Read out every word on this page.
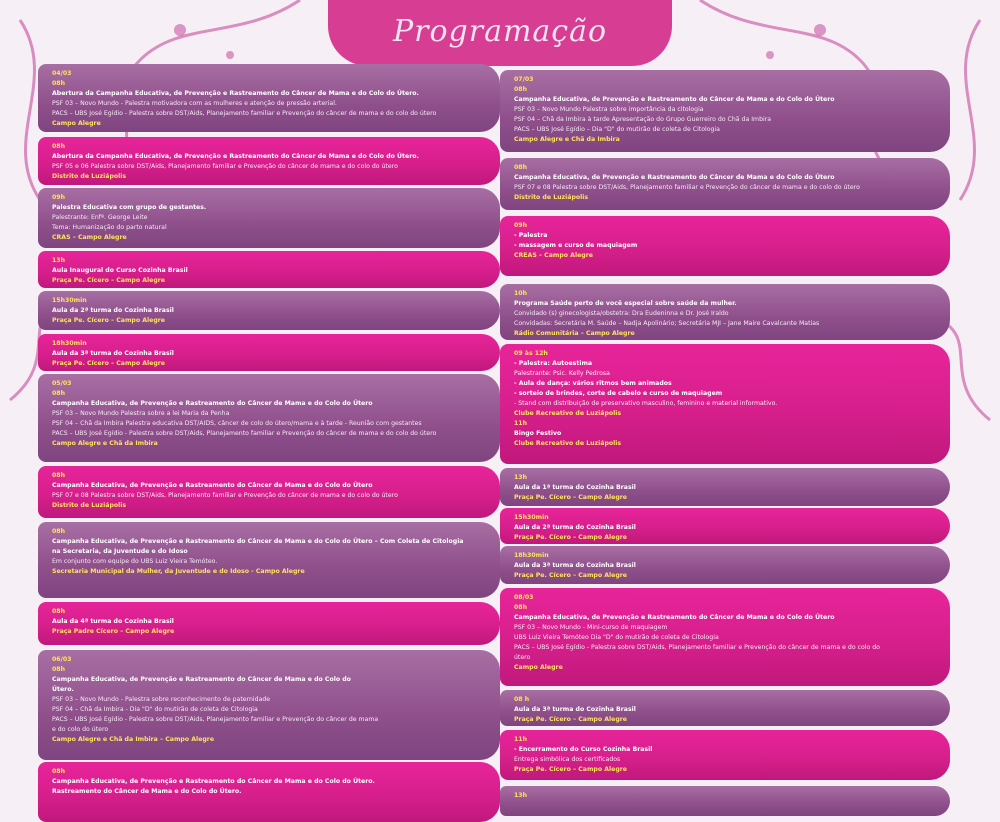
Programação
04/03
08h
Abertura da Campanha Educativa, de Prevenção e Rastreamento do Câncer de Mama e do Colo do Útero.
PSF 03 – Novo Mundo - Palestra motivadora com as mulheres e atenção de pressão arterial.
PACS – UBS José Egídio - Palestra sobre DST/Aids, Planejamento familiar e Prevenção do câncer de mama e do colo do útero
Campo Alegre
08h
Abertura da Campanha Educativa, de Prevenção e Rastreamento do Câncer de Mama e do Colo do Útero.
PSF 05 e 06 Palestra sobre DST/Aids, Planejamento familiar e Prevenção do câncer de mama e do colo do útero
Distrito de Luziápolis
09h
Palestra Educativa com grupo de gestantes.
Palestrante: Enfª. George Leite
Tema: Humanização do parto natural
CRAS – Campo Alegre
13h
Aula Inaugural do Curso Cozinha Brasil
Praça Pe. Cícero – Campo Alegre
15h30min
Aula da 2ª turma do Cozinha Brasil
Praça Pe. Cícero – Campo Alegre
18h30min
Aula da 3ª turma do Cozinha Brasil
Praça Pe. Cícero – Campo Alegre
05/03
08h
Campanha Educativa, de Prevenção e Rastreamento do Câncer de Mama e do Colo do Útero
PSF 03 – Novo Mundo Palestra sobre a lei Maria da Penha
PSF 04 – Chã da Imbira Palestra educativa DST/AIDS, câncer de colo do útero/mama e à tarde - Reunião com gestantes
PACS – UBS José Egídio - Palestra sobre DST/Aids, Planejamento familiar e Prevenção do câncer de mama e do colo do útero
Campo Alegre e Chã da Imbira
08h
Campanha Educativa, de Prevenção e Rastreamento do Câncer de Mama e do Colo do Útero
PSF 07 e 08 Palestra sobre DST/Aids, Planejamento familiar e Prevenção do câncer de mama e do colo do útero
Distrito de Luziápolis
08h
Campanha Educativa, de Prevenção e Rastreamento do Câncer de Mama e do Colo do Útero – Com Coleta de Citologia
na Secretaria, da Juventude e do Idoso
Em conjunto com equipe do UBS Luiz Vieira Temóteo.
Secretaria Municipal da Mulher, da Juventude e do Idoso - Campo Alegre
08h
Aula da 4ª turma do Cozinha Brasil
Praça Padre Cícero – Campo Alegre
06/03
08h
Campanha Educativa, de Prevenção e Rastreamento do Câncer de Mama e do Colo do
Útero.
PSF 03 – Novo Mundo - Palestra sobre reconhecimento de paternidade
PSF 04 – Chã da Imbira - Dia "D" do mutirão de coleta de Citologia
PACS – UBS José Egídio - Palestra sobre DST/Aids, Planejamento familiar e Prevenção do câncer de mama
e do colo do útero
Campo Alegre e Chã da Imbira – Campo Alegre
08h
Campanha Educativa, de Prevenção e Rastreamento do Câncer de Mama e do Colo do Útero.
Rastreamento do Câncer de Mama e do Colo do Útero.
07/03
08h
Campanha Educativa, de Prevenção e Rastreamento do Câncer de Mama e do Colo do Útero
PSF 03 – Novo Mundo Palestra sobre importância da citologia
PSF 04 – Chã da Imbira à tarde Apresentação do Grupo Guerreiro do Chã da Imbira
PACS – UBS José Egídio – Dia "D" do mutirão de coleta de Citologia
Campo Alegre e Chã da Imbira
08h
Campanha Educativa, de Prevenção e Rastreamento do Câncer de Mama e do Colo do Útero
PSF 07 e 08 Palestra sobre DST/Aids, Planejamento familiar e Prevenção do câncer de mama e do colo do útero
Distrito de Luziápolis
09h
- Palestra
- massagem e curso de maquiagem
CREAS – Campo Alegre
10h
Programa Saúde perto de você especial sobre saúde da mulher.
Convidado (s) ginecologista/obstetra: Dra Eudeninna e Dr. José Iraldo
Convidadas: Secretária M. Saúde – Nadja Apolinário; Secretária MJI – Jane Maire Cavalcante Matias
Rádio Comunitária – Campo Alegre
09 às 12h
- Palestra: Autoestima
Palestrante: Psic. Kelly Pedrosa
- Aula de dança: vários ritmos bem animados
- sorteio de brindes, corte de cabelo e curso de maquiagem
- Stand com distribuição de preservativo masculino, feminino e material informativo.
Clube Recreativo de Luziápolis
11h
Bingo Festivo
Clube Recreativo de Luziápolis
13h
Aula da 1ª turma do Cozinha Brasil
Praça Pe. Cícero – Campo Alegre
15h30min
Aula da 2ª turma do Cozinha Brasil
Praça Pe. Cícero – Campo Alegre
18h30min
Aula da 3ª turma do Cozinha Brasil
Praça Pe. Cícero – Campo Alegre
08/03
08h
Campanha Educativa, de Prevenção e Rastreamento do Câncer de Mama e do Colo do Útero
PSF 03 – Novo Mundo - Mini-curso de maquiagem
UBS Luiz Vieira Temóteo Dia "D" do mutirão de coleta de Citologia
PACS – UBS José Egídio - Palestra sobre DST/Aids, Planejamento familiar e Prevenção do câncer de mama e do colo do
útero
Campo Alegre
08 h
Aula da 3ª turma do Cozinha Brasil
Praça Pe. Cícero – Campo Alegre
11h
- Encerramento do Curso Cozinha Brasil
Entrega simbólica dos certificados
Praça Pe. Cícero – Campo Alegre
13h
